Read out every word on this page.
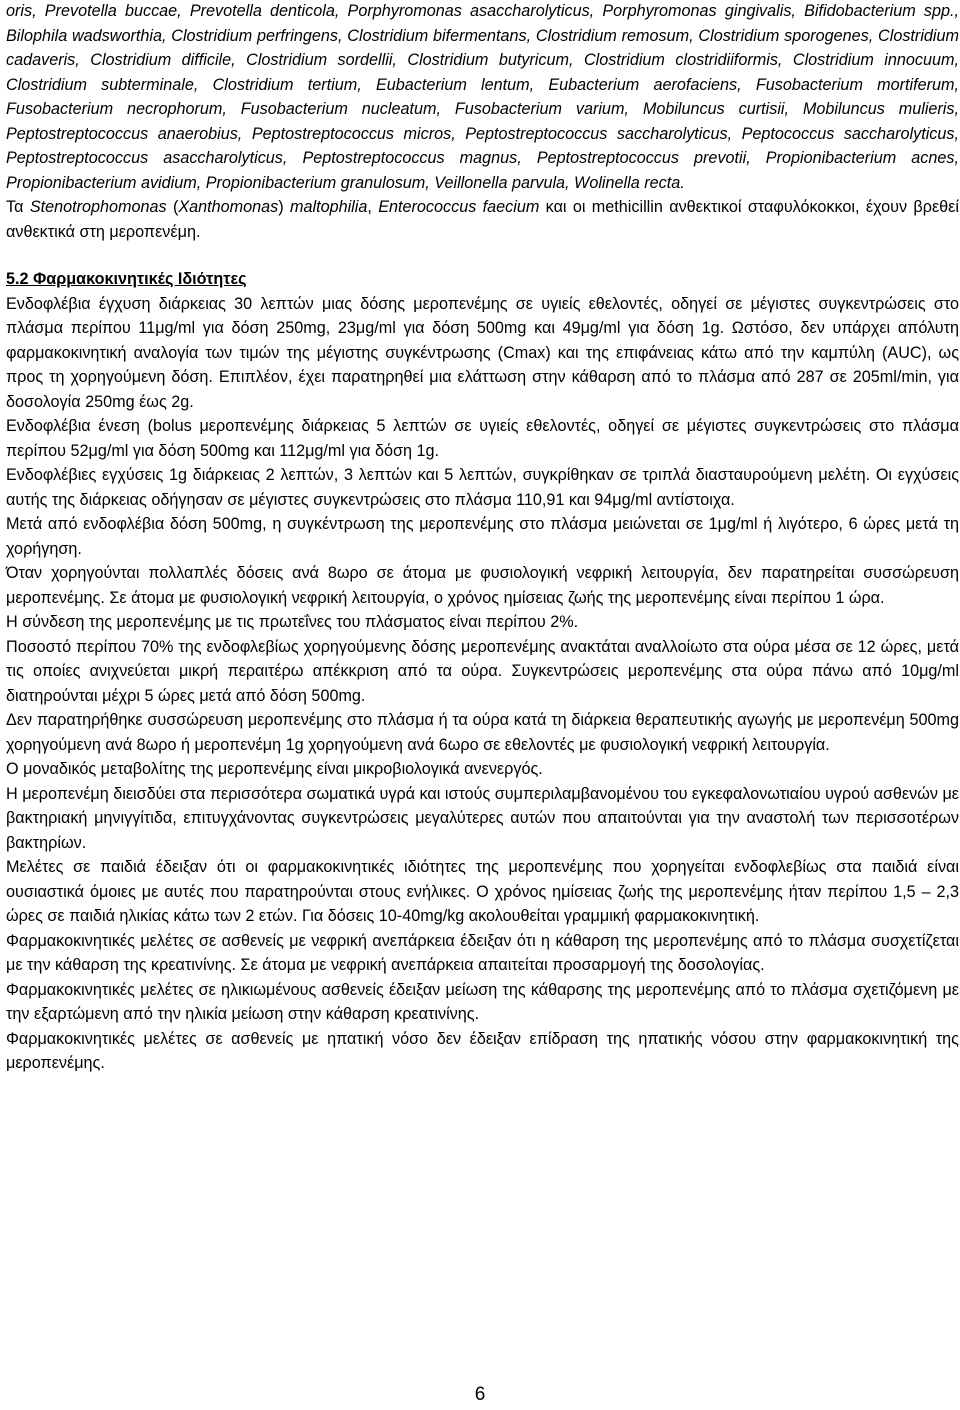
oris, Prevotella buccae, Prevotella denticola, Porphyromonas asaccharolyticus, Porphyromonas gingivalis, Bifidobacterium spp., Bilophila wadsworthia, Clostridium perfringens, Clostridium bifermentans, Clostridium remosum, Clostridium sporogenes, Clostridium cadaveris, Clostridium difficile, Clostridium sordellii, Clostridium butyricum, Clostridium clostridiiformis, Clostridium innocuum, Clostridium subterminale, Clostridium tertium, Eubacterium lentum, Eubacterium aerofaciens, Fusobacterium mortiferum, Fusobacterium necrophorum, Fusobacterium nucleatum, Fusobacterium varium, Mobiluncus curtisii, Mobiluncus mulieris, Peptostreptococcus anaerobius, Peptostreptococcus micros, Peptostreptococcus saccharolyticus, Peptococcus saccharolyticus, Peptostreptococcus asaccharolyticus, Peptostreptococcus magnus, Peptostreptococcus prevotii, Propionibacterium acnes, Propionibacterium avidium, Propionibacterium granulosum, Veillonella parvula, Wolinella recta.

Τα Stenotrophomonas (Xanthomonas) maltophilia, Enterococcus faecium και οι methicillin ανθεκτικοί σταφυλόκοκκοι, έχουν βρεθεί ανθεκτικά στη μεροπενέμη.

5.2 Φαρμακοκινητικές Ιδιότητες

Ενδοφλέβια έγχυση διάρκειας 30 λεπτών μιας δόσης μεροπενέμης σε υγιείς εθελοντές, οδηγεί σε μέγιστες συγκεντρώσεις στο πλάσμα περίπου 11μg/ml για δόση 250mg, 23μg/ml για δόση 500mg και 49μg/ml για δόση 1g. Ωστόσο, δεν υπάρχει απόλυτη φαρμακοκινητική αναλογία των τιμών της μέγιστης συγκέντρωσης (Cmax) και της επιφάνειας κάτω από την καμπύλη (AUC), ως προς τη χορηγούμενη δόση. Επιπλέον, έχει παρατηρηθεί μια ελάττωση στην κάθαρση από το πλάσμα από 287 σε 205ml/min, για δοσολογία 250mg έως 2g.

Ενδοφλέβια ένεση (bolus μεροπενέμης διάρκειας 5 λεπτών σε υγιείς εθελοντές, οδηγεί σε μέγιστες συγκεντρώσεις στο πλάσμα περίπου 52μg/ml για δόση 500mg και 112μg/ml για δόση 1g.

Ενδοφλέβιες εγχύσεις 1g διάρκειας 2 λεπτών, 3 λεπτών και 5 λεπτών, συγκρίθηκαν σε τριπλά διασταυρούμενη μελέτη. Οι εγχύσεις αυτής της διάρκειας οδήγησαν σε μέγιστες συγκεντρώσεις στο πλάσμα 110,91 και 94μg/ml αντίστοιχα.

Μετά από ενδοφλέβια δόση 500mg, η συγκέντρωση της μεροπενέμης στο πλάσμα μειώνεται σε 1μg/ml ή λιγότερο, 6 ώρες μετά τη χορήγηση.

Όταν χορηγούνται πολλαπλές δόσεις ανά 8ωρο σε άτομα με φυσιολογική νεφρική λειτουργία, δεν παρατηρείται συσσώρευση μεροπενέμης. Σε άτομα με φυσιολογική νεφρική λειτουργία, ο χρόνος ημίσειας ζωής της μεροπενέμης είναι περίπου 1 ώρα.

Η σύνδεση της μεροπενέμης με τις πρωτεΐνες του πλάσματος είναι περίπου 2%.

Ποσοστό περίπου 70% της ενδοφλεβίως χορηγούμενης δόσης μεροπενέμης ανακτάται αναλλοίωτο στα ούρα μέσα σε 12 ώρες, μετά τις οποίες ανιχνεύεται μικρή περαιτέρω απέκκριση από τα ούρα. Συγκεντρώσεις μεροπενέμης στα ούρα πάνω από 10μg/ml διατηρούνται μέχρι 5 ώρες μετά από δόση 500mg.

Δεν παρατηρήθηκε συσσώρευση μεροπενέμης στο πλάσμα ή τα ούρα κατά τη διάρκεια θεραπευτικής αγωγής με μεροπενέμη 500mg χορηγούμενη ανά 8ωρο ή μεροπενέμη 1g χορηγούμενη ανά 6ωρο σε εθελοντές με φυσιολογική νεφρική λειτουργία.

Ο μοναδικός μεταβολίτης της μεροπενέμης είναι μικροβιολογικά ανενεργός.

Η μεροπενέμη διεισδύει στα περισσότερα σωματικά υγρά και ιστούς συμπεριλαμβανομένου του εγκεφαλονωτιαίου υγρού ασθενών με βακτηριακή μηνιγγίτιδα, επιτυγχάνοντας συγκεντρώσεις μεγαλύτερες αυτών που απαιτούνται για την αναστολή των περισσοτέρων βακτηρίων.

Μελέτες σε παιδιά έδειξαν ότι οι φαρμακοκινητικές ιδιότητες της μεροπενέμης που χορηγείται ενδοφλεβίως στα παιδιά είναι ουσιαστικά όμοιες με αυτές που παρατηρούνται στους ενήλικες. Ο χρόνος ημίσειας ζωής της μεροπενέμης ήταν περίπου 1,5 – 2,3 ώρες σε παιδιά ηλικίας κάτω των 2 ετών. Για δόσεις 10-40mg/kg ακολουθείται γραμμική φαρμακοκινητική.

Φαρμακοκινητικές μελέτες σε ασθενείς με νεφρική ανεπάρκεια έδειξαν ότι η κάθαρση της μεροπενέμης από το πλάσμα συσχετίζεται με την κάθαρση της κρεατινίνης. Σε άτομα με νεφρική ανεπάρκεια απαιτείται προσαρμογή της δοσολογίας.

Φαρμακοκινητικές μελέτες σε ηλικιωμένους ασθενείς έδειξαν μείωση της κάθαρσης της μεροπενέμης από το πλάσμα σχετιζόμενη με την εξαρτώμενη από την ηλικία μείωση στην κάθαρση κρεατινίνης.

Φαρμακοκινητικές μελέτες σε ασθενείς με ηπατική νόσο δεν έδειξαν επίδραση της ηπατικής νόσου στην φαρμακοκινητική της μεροπενέμης.

6
